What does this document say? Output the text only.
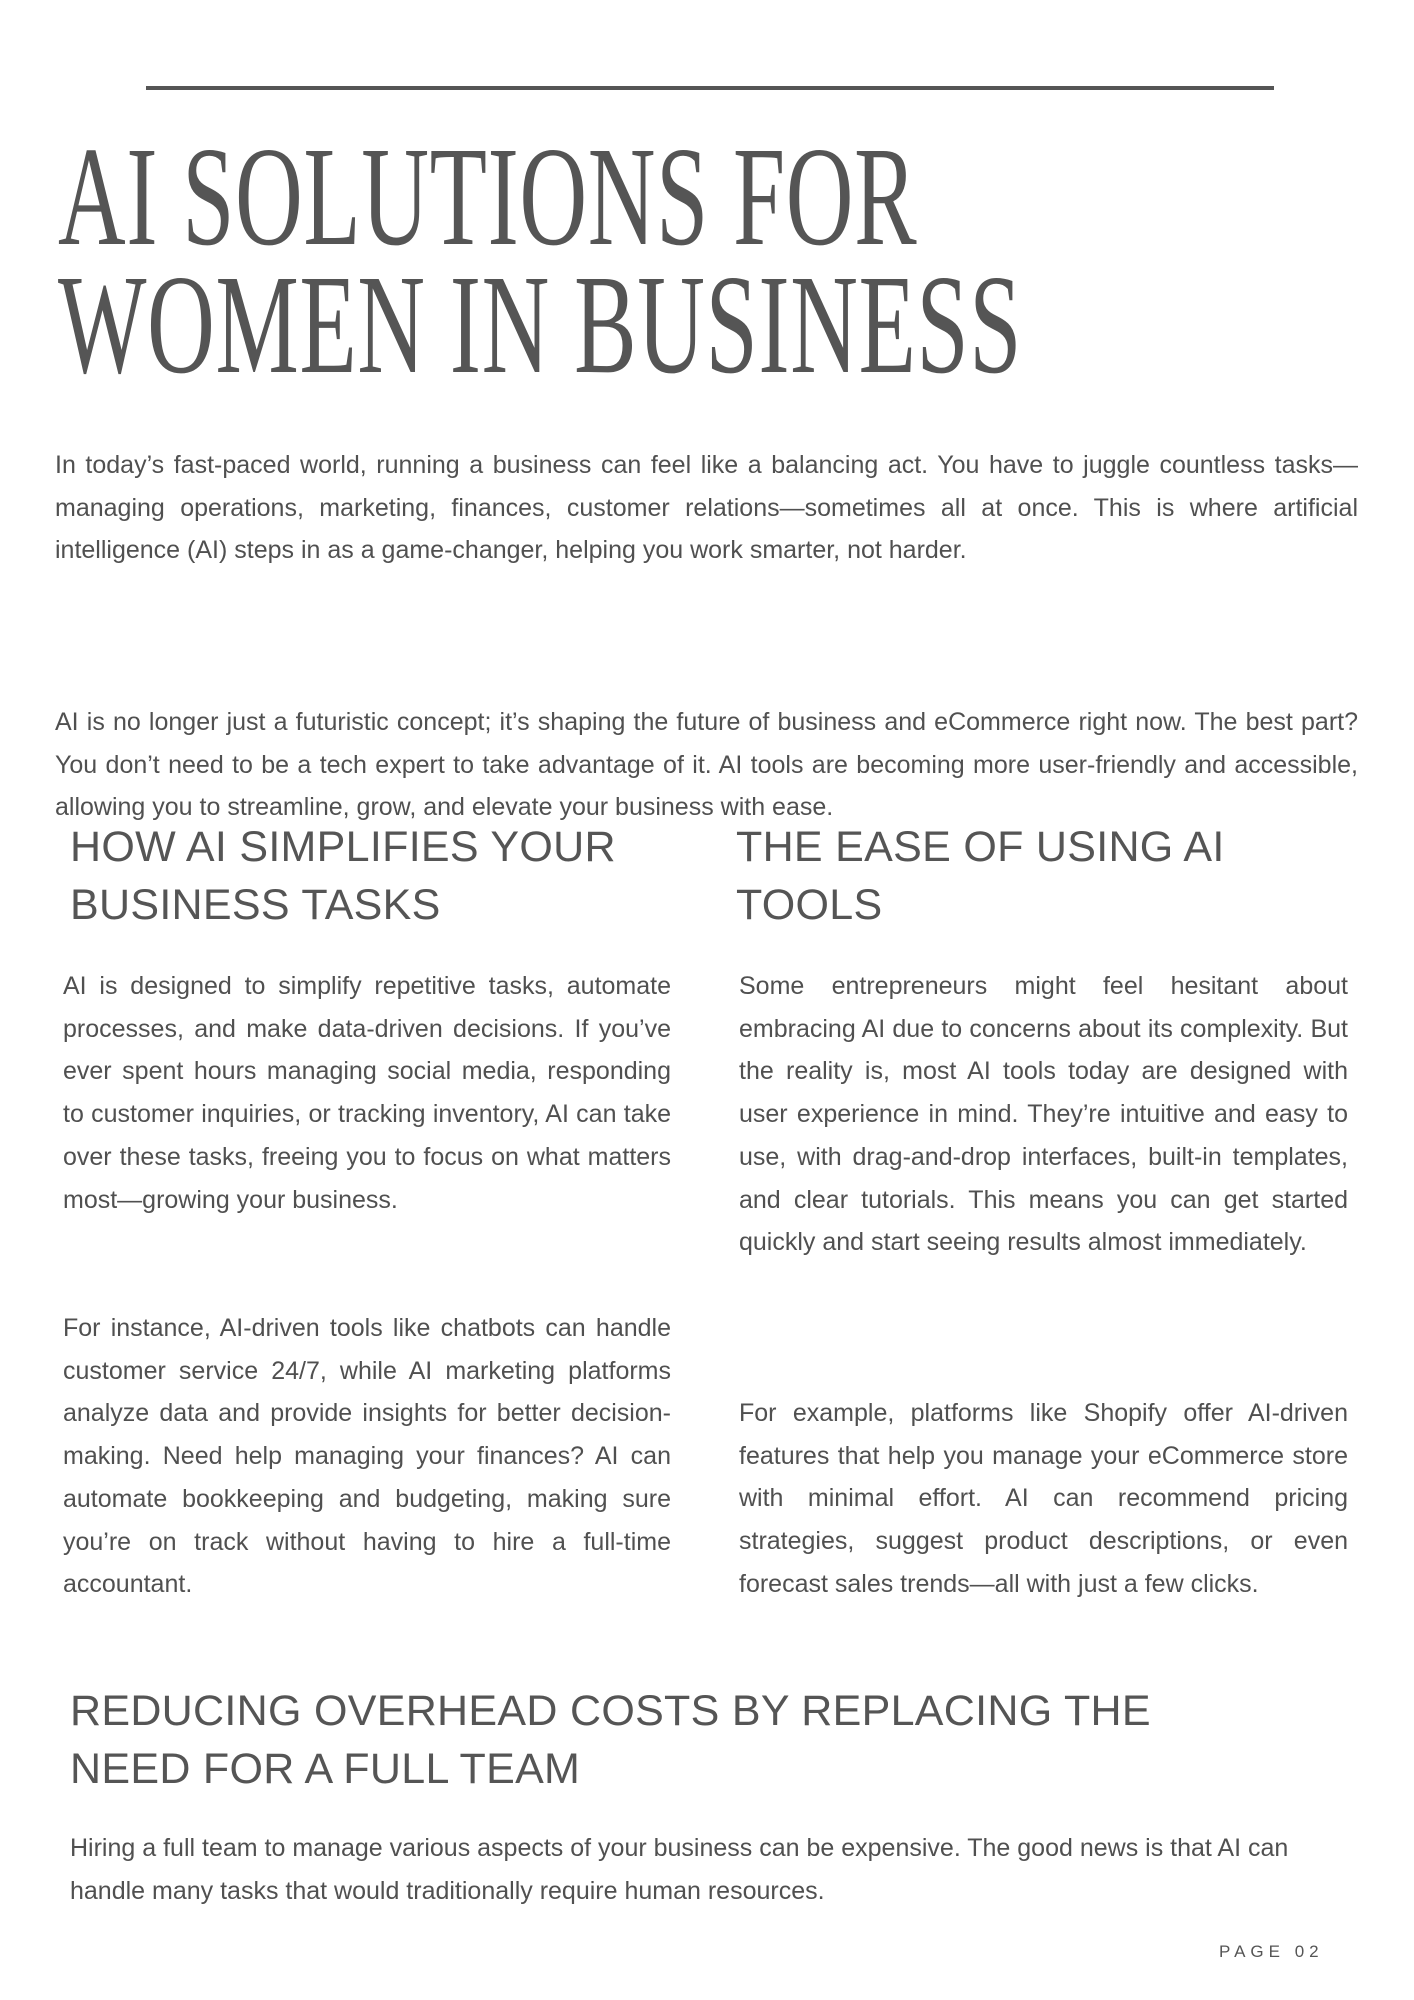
AI SOLUTIONS FOR
WOMEN IN BUSINESS

In today’s fast-paced world, running a business can feel like a balancing act. You have to juggle countless tasks—managing operations, marketing, finances, customer relations—sometimes all at once. This is where artificial intelligence (AI) steps in as a game-changer, helping you work smarter, not harder.

AI is no longer just a futuristic concept; it’s shaping the future of business and eCommerce right now. The best part? You don’t need to be a tech expert to take advantage of it. AI tools are becoming more user-friendly and accessible, allowing you to streamline, grow, and elevate your business with ease.

HOW AI SIMPLIFIES YOUR
BUSINESS TASKS

AI is designed to simplify repetitive tasks, automate processes, and make data-driven decisions. If you’ve ever spent hours managing social media, responding to customer inquiries, or tracking inventory, AI can take over these tasks, freeing you to focus on what matters most—growing your business.

For instance, AI-driven tools like chatbots can handle customer service 24/7, while AI marketing platforms analyze data and provide insights for better decision-making. Need help managing your finances? AI can automate bookkeeping and budgeting, making sure you’re on track without having to hire a full-time accountant.

THE EASE OF USING AI
TOOLS

Some entrepreneurs might feel hesitant about embracing AI due to concerns about its complexity. But the reality is, most AI tools today are designed with user experience in mind. They’re intuitive and easy to use, with drag-and-drop interfaces, built-in templates, and clear tutorials. This means you can get started quickly and start seeing results almost immediately.

For example, platforms like Shopify offer AI-driven features that help you manage your eCommerce store with minimal effort. AI can recommend pricing strategies, suggest product descriptions, or even forecast sales trends—all with just a few clicks.

REDUCING OVERHEAD COSTS BY REPLACING THE
NEED FOR A FULL TEAM

Hiring a full team to manage various aspects of your business can be expensive. The good news is that AI can handle many tasks that would traditionally require human resources.

PAGE 02
